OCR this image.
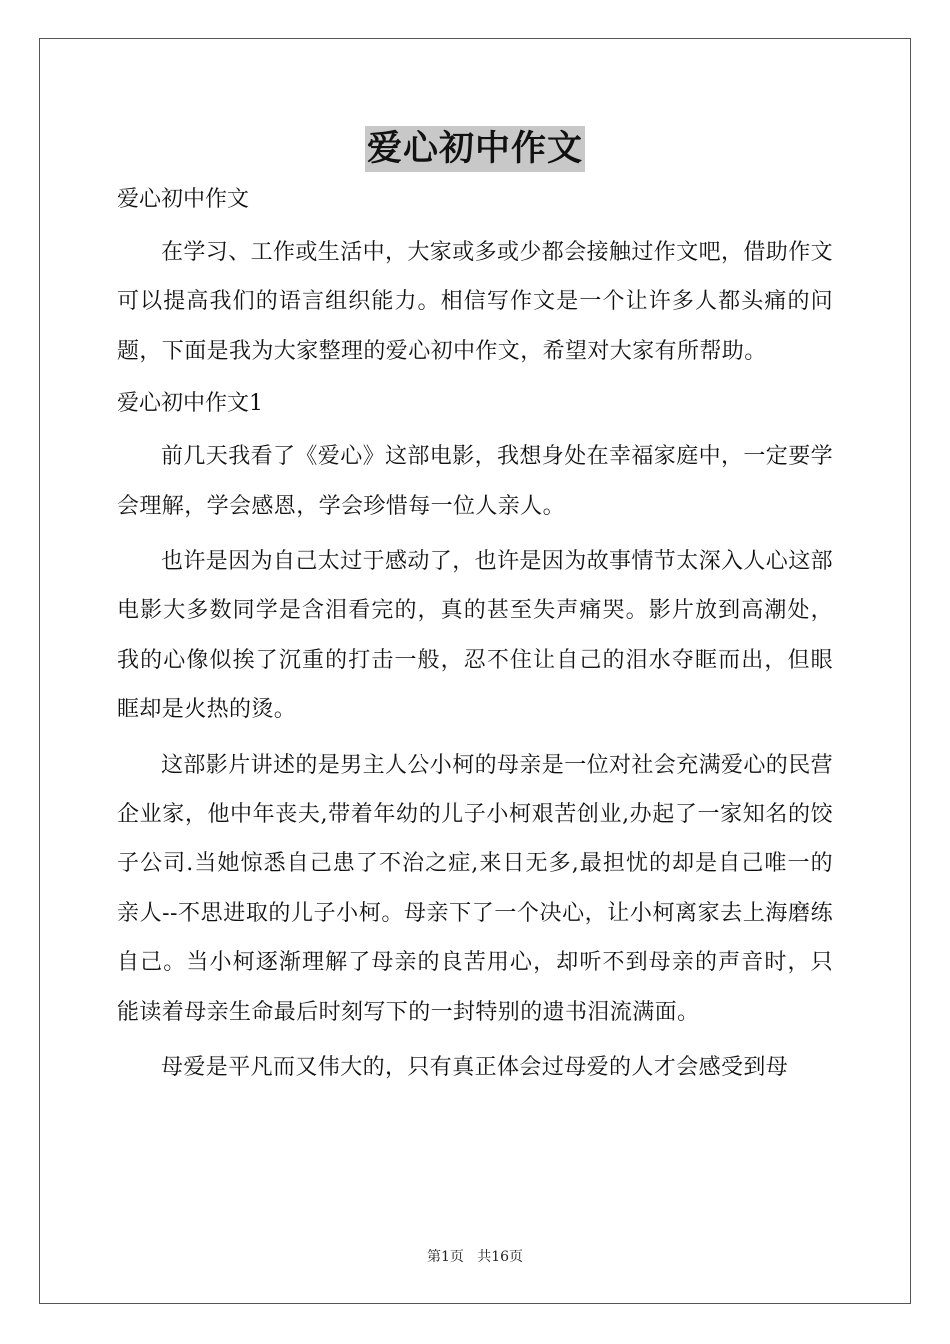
爱心初中作文
爱心初中作文

在学习、工作或生活中，大家或多或少都会接触过作文吧，借助作文可以提高我们的语言组织能力。相信写作文是一个让许多人都头痛的问题，下面是我为大家整理的爱心初中作文，希望对大家有所帮助。

爱心初中作文1

前几天我看了《爱心》这部电影，我想身处在幸福家庭中，一定要学会理解，学会感恩，学会珍惜每一位人亲人。

也许是因为自己太过于感动了，也许是因为故事情节太深入人心这部电影大多数同学是含泪看完的，真的甚至失声痛哭。影片放到高潮处，我的心像似挨了沉重的打击一般，忍不住让自己的泪水夺眶而出，但眼眶却是火热的烫。

这部影片讲述的是男主人公小柯的母亲是一位对社会充满爱心的民营企业家，他中年丧夫,带着年幼的儿子小柯艰苦创业,办起了一家知名的饺子公司.当她惊悉自己患了不治之症,来日无多,最担忧的却是自己唯一的亲人--不思进取的儿子小柯。母亲下了一个决心，让小柯离家去上海磨练自己。当小柯逐渐理解了母亲的良苦用心，却听不到母亲的声音时，只能读着母亲生命最后时刻写下的一封特别的遗书泪流满面。

母爱是平凡而又伟大的，只有真正体会过母爱的人才会感受到母

第1页   共16页
